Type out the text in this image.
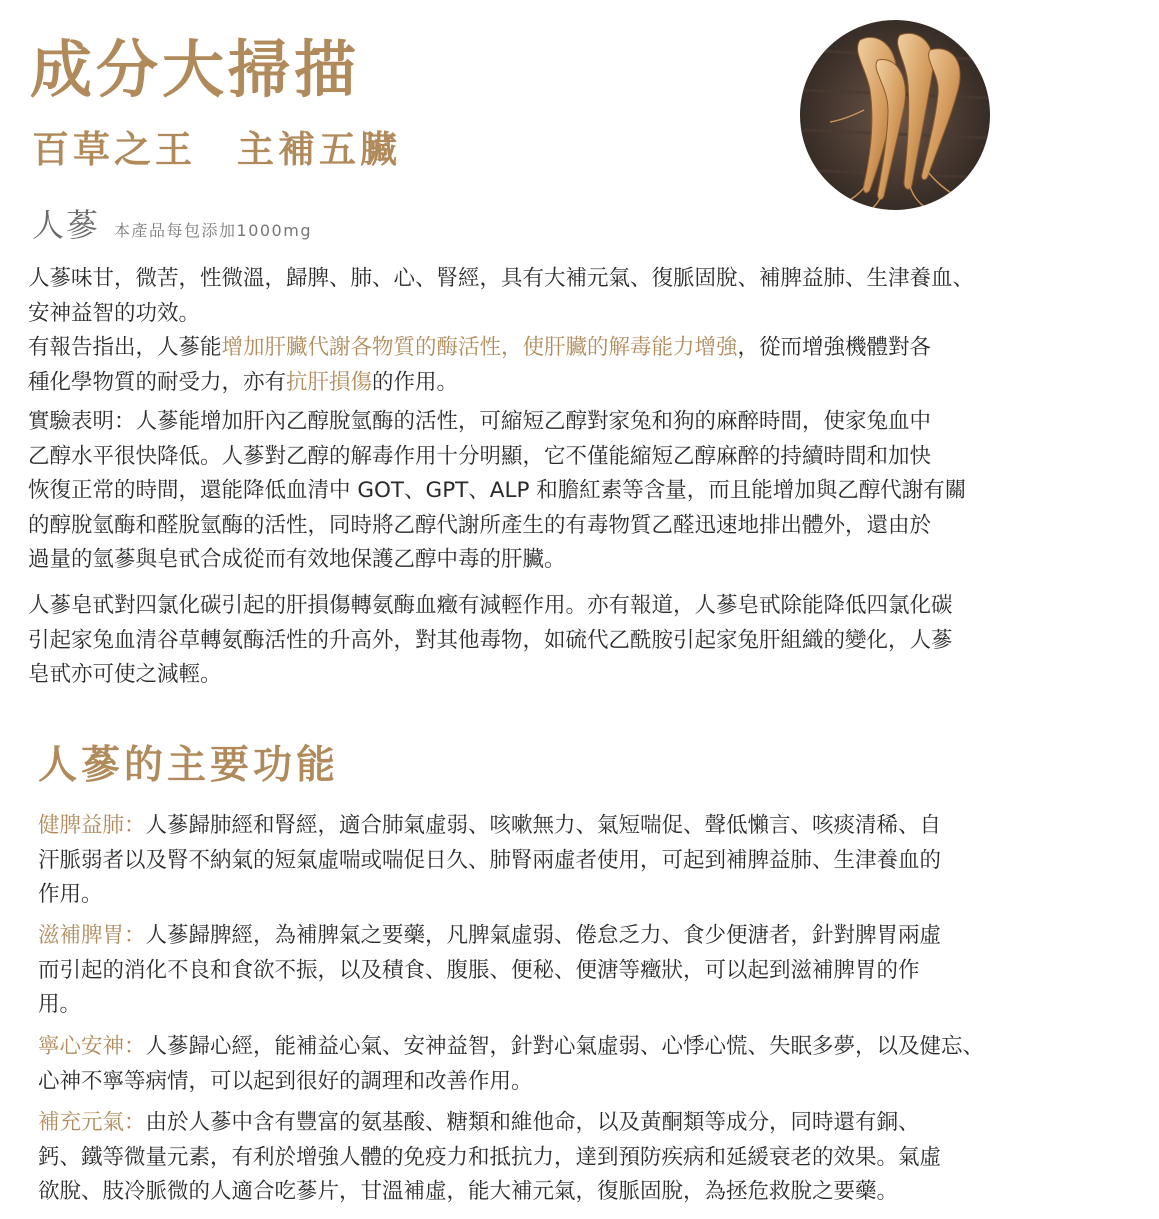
成分大掃描
百草之王　主補五臟
人蔘 本產品每包添加1000mg

人蔘味甘，微苦，性微溫，歸脾、肺、心、腎經，具有大補元氣、復脈固脫、補脾益肺、生津養血、
安神益智的功效。

有報告指出，人蔘能增加肝臟代謝各物質的酶活性，使肝臟的解毒能力增強，從而增強機體對各
種化學物質的耐受力，亦有抗肝損傷的作用。

實驗表明：人蔘能增加肝內乙醇脫氫酶的活性，可縮短乙醇對家兔和狗的麻醉時間，使家兔血中
乙醇水平很快降低。人蔘對乙醇的解毒作用十分明顯，它不僅能縮短乙醇麻醉的持續時間和加快
恢復正常的時間，還能降低血清中 GOT、GPT、ALP 和膽紅素等含量，而且能增加與乙醇代謝有關
的醇脫氫酶和醛脫氫酶的活性，同時將乙醇代謝所產生的有毒物質乙醛迅速地排出體外，還由於
過量的氫蔘與皂甙合成從而有效地保護乙醇中毒的肝臟。

人蔘皂甙對四氯化碳引起的肝損傷轉氨酶血癥有減輕作用。亦有報道，人蔘皂甙除能降低四氯化碳
引起家兔血清谷草轉氨酶活性的升高外，對其他毒物，如硫代乙酰胺引起家兔肝組織的變化，人蔘
皂甙亦可使之減輕。

人蔘的主要功能

健脾益肺：人蔘歸肺經和腎經，適合肺氣虛弱、咳嗽無力、氣短喘促、聲低懶言、咳痰清稀、自
汗脈弱者以及腎不納氣的短氣虛喘或喘促日久、肺腎兩虛者使用，可起到補脾益肺、生津養血的
作用。

滋補脾胃：人蔘歸脾經，為補脾氣之要藥，凡脾氣虛弱、倦怠乏力、食少便溏者，針對脾胃兩虛
而引起的消化不良和食欲不振，以及積食、腹脹、便秘、便溏等癥狀，可以起到滋補脾胃的作
用。

寧心安神：人蔘歸心經，能補益心氣、安神益智，針對心氣虛弱、心悸心慌、失眠多夢，以及健忘、
心神不寧等病情，可以起到很好的調理和改善作用。

補充元氣：由於人蔘中含有豐富的氨基酸、糖類和維他命，以及黃酮類等成分，同時還有銅、
鈣、鐵等微量元素，有利於增強人體的免疫力和抵抗力，達到預防疾病和延緩衰老的效果。氣虛
欲脫、肢冷脈微的人適合吃蔘片，甘溫補虛，能大補元氣，復脈固脫，為拯危救脫之要藥。
